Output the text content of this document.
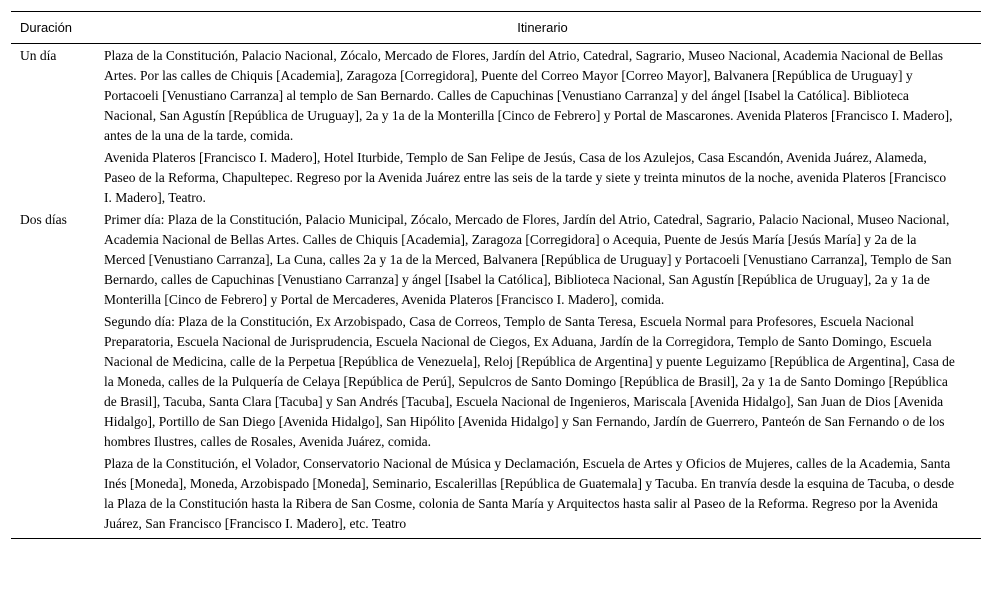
Duración	Itinerario
Un día	Plaza de la Constitución, Palacio Nacional, Zócalo, Mercado de Flores, Jardín del Atrio, Catedral, Sagrario, Museo Nacional, Academia Nacional de Bellas Artes. Por las calles de Chiquis [Academia], Zaragoza [Corregidora], Puente del Correo Mayor [Correo Mayor], Balvanera [República de Uruguay] y Portacoeli [Venustiano Carranza] al templo de San Bernardo. Calles de Capuchinas [Venustiano Carranza] y del ángel [Isabel la Católica]. Biblioteca Nacional, San Agustín [República de Uruguay], 2a y 1a de la Monterilla [Cinco de Febrero] y Portal de Mascarones. Avenida Plateros [Francisco I. Madero], antes de la una de la tarde, comida.

Avenida Plateros [Francisco I. Madero], Hotel Iturbide, Templo de San Felipe de Jesús, Casa de los Azulejos, Casa Escandón, Avenida Juárez, Alameda, Paseo de la Reforma, Chapultepec. Regreso por la Avenida Juárez entre las seis de la tarde y siete y treinta minutos de la noche, avenida Plateros [Francisco I. Madero], Teatro.

Dos días	Primer día: Plaza de la Constitución, Palacio Municipal, Zócalo, Mercado de Flores, Jardín del Atrio, Catedral, Sagrario, Palacio Nacional, Museo Nacional, Academia Nacional de Bellas Artes. Calles de Chiquis [Academia], Zaragoza [Corregidora] o Acequia, Puente de Jesús María [Jesús María] y 2a de la Merced [Venustiano Carranza], La Cuna, calles 2a y 1a de la Merced, Balvanera [República de Uruguay] y Portacoeli [Venustiano Carranza], Templo de San Bernardo, calles de Capuchinas [Venustiano Carranza] y ángel [Isabel la Católica], Biblioteca Nacional, San Agustín [República de Uruguay], 2a y 1a de Monterilla [Cinco de Febrero] y Portal de Mercaderes, Avenida Plateros [Francisco I. Madero], comida.

Segundo día: Plaza de la Constitución, Ex Arzobispado, Casa de Correos, Templo de Santa Teresa, Escuela Normal para Profesores, Escuela Nacional Preparatoria, Escuela Nacional de Jurisprudencia, Escuela Nacional de Ciegos, Ex Aduana, Jardín de la Corregidora, Templo de Santo Domingo, Escuela Nacional de Medicina, calle de la Perpetua [República de Venezuela], Reloj [República de Argentina] y puente Leguizamo [República de Argentina], Casa de la Moneda, calles de la Pulquería de Celaya [República de Perú], Sepulcros de Santo Domingo [República de Brasil], 2a y 1a de Santo Domingo [República de Brasil], Tacuba, Santa Clara [Tacuba] y San Andrés [Tacuba], Escuela Nacional de Ingenieros, Mariscala [Avenida Hidalgo], San Juan de Dios [Avenida Hidalgo], Portillo de San Diego [Avenida Hidalgo], San Hipólito [Avenida Hidalgo] y San Fernando, Jardín de Guerrero, Panteón de San Fernando o de los hombres Ilustres, calles de Rosales, Avenida Juárez, comida.

Plaza de la Constitución, el Volador, Conservatorio Nacional de Música y Declamación, Escuela de Artes y Oficios de Mujeres, calles de la Academia, Santa Inés [Moneda], Moneda, Arzobispado [Moneda], Seminario, Escalerillas [República de Guatemala] y Tacuba. En tranvía desde la esquina de Tacuba, o desde la Plaza de la Constitución hasta la Ribera de San Cosme, colonia de Santa María y Arquitectos hasta salir al Paseo de la Reforma. Regreso por la Avenida Juárez, San Francisco [Francisco I. Madero], etc. Teatro
